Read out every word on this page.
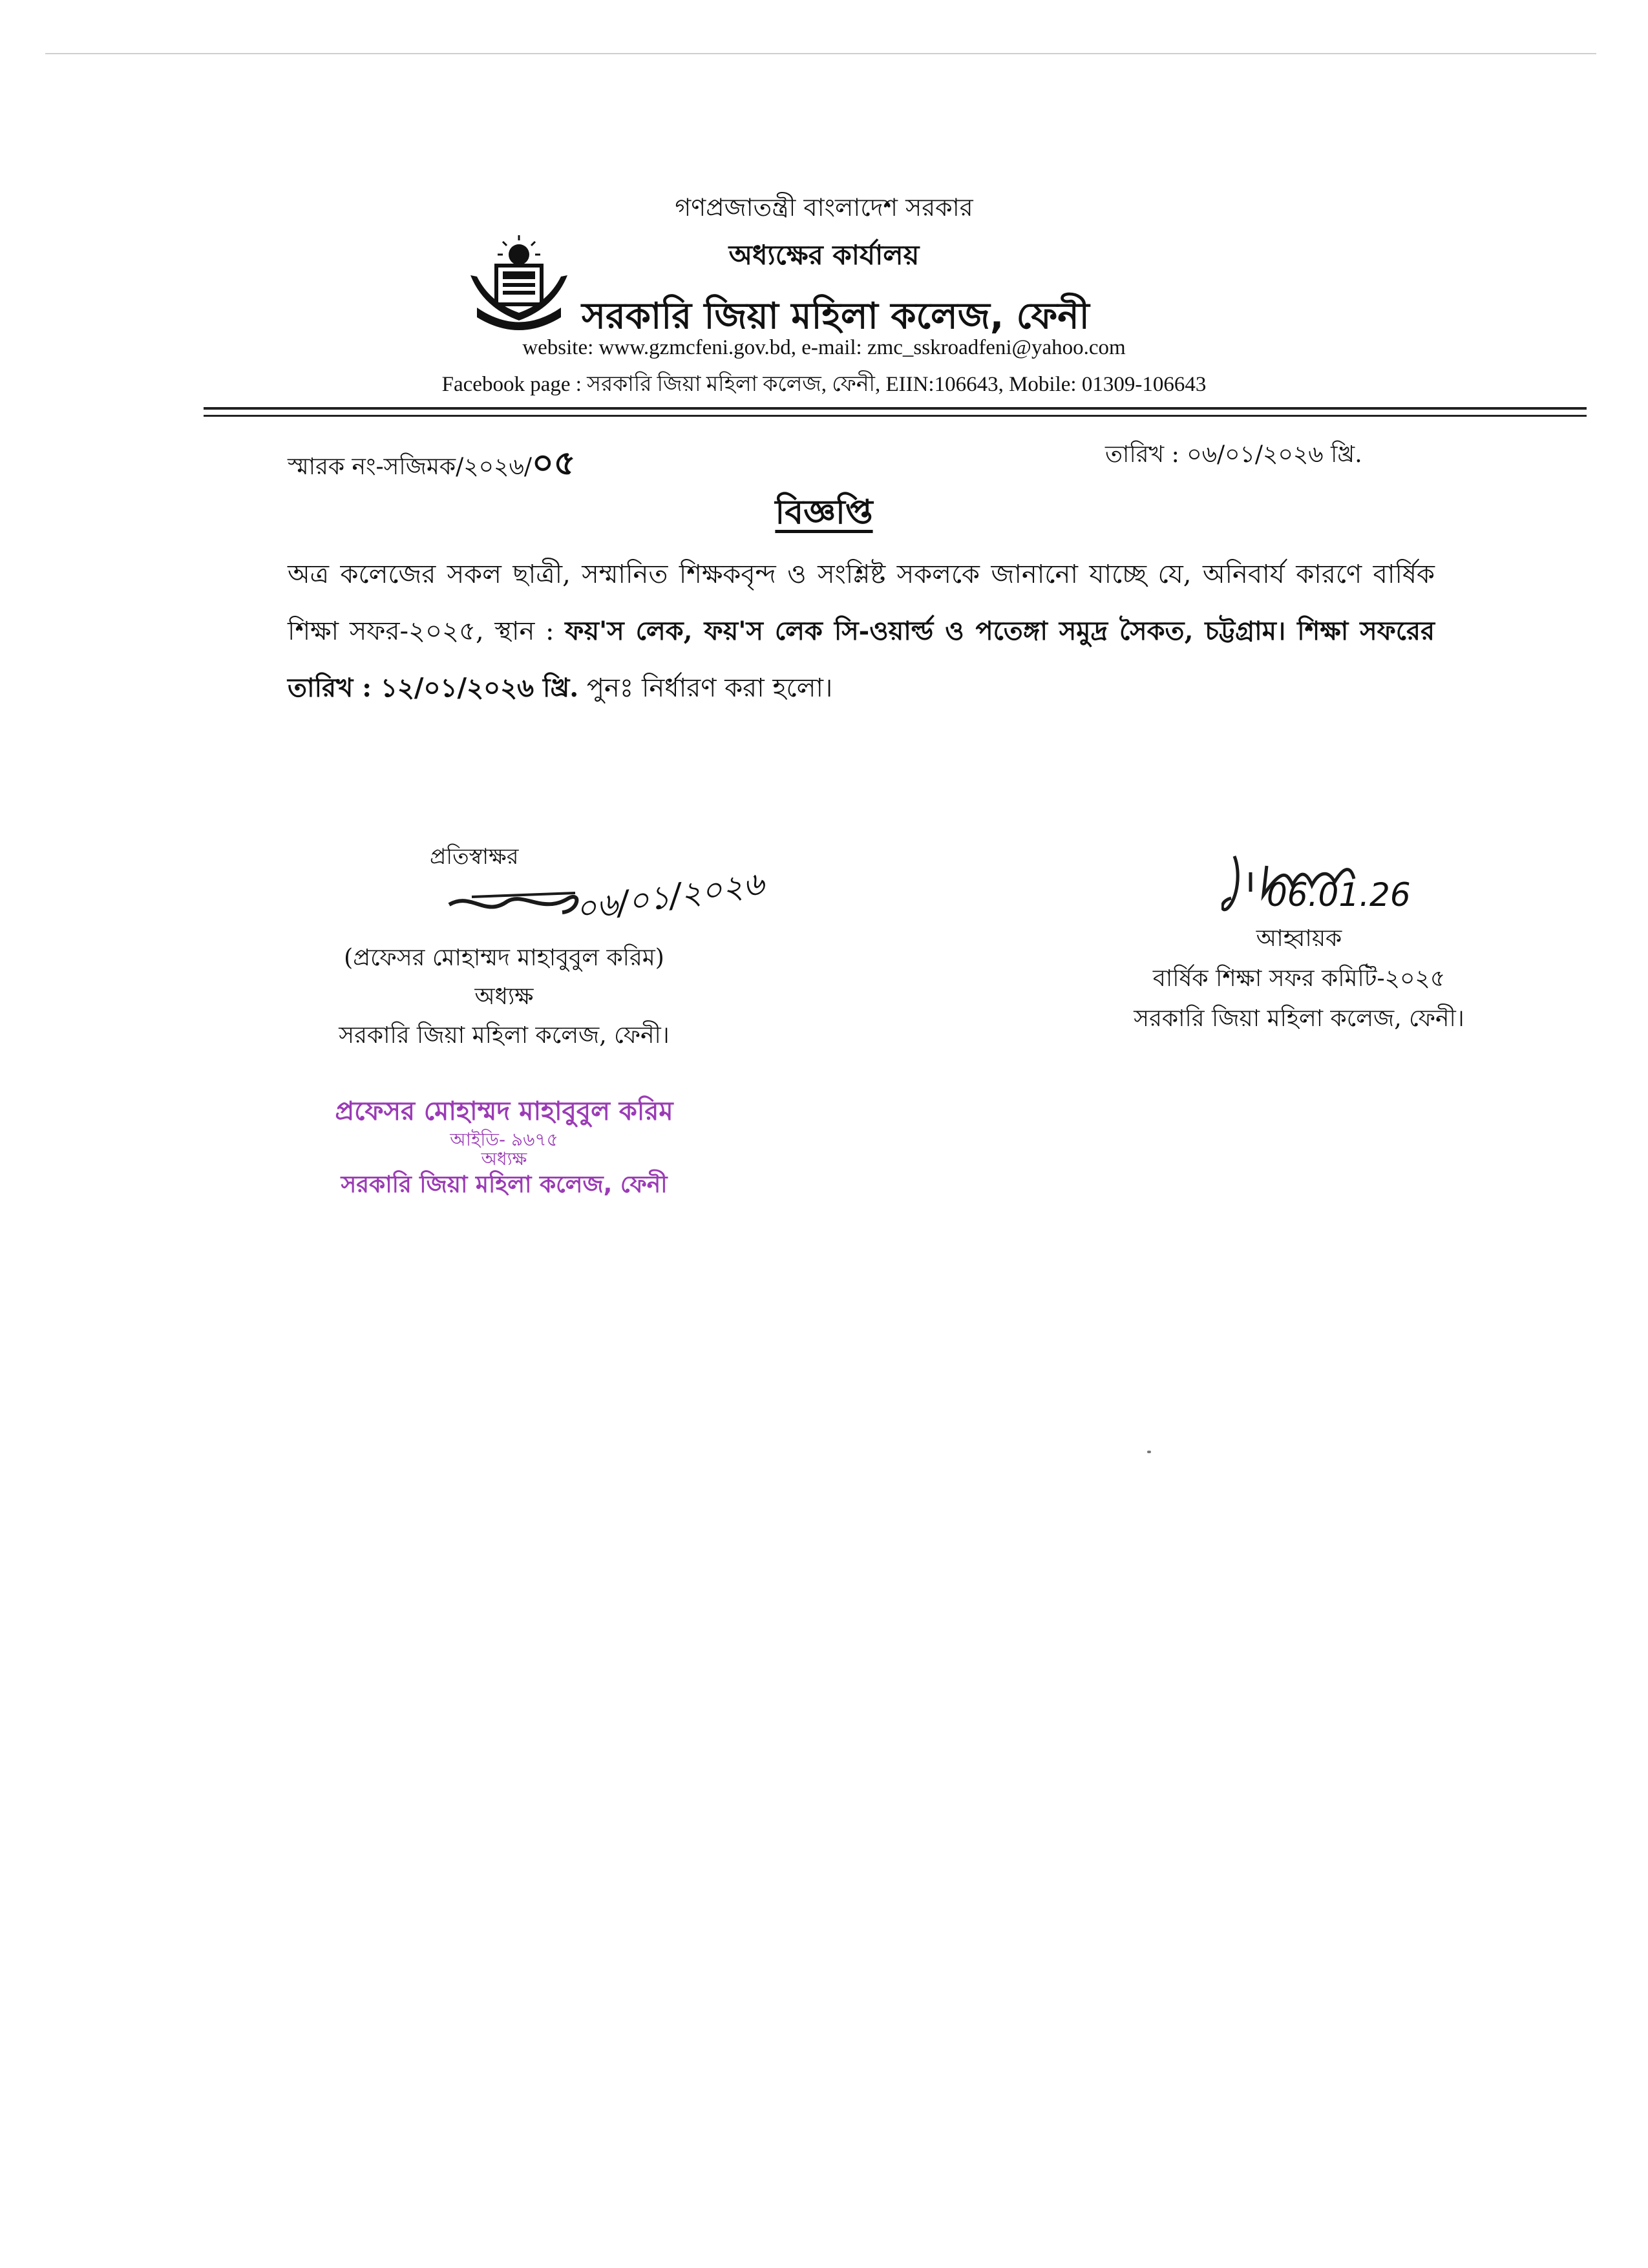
গণপ্রজাতন্ত্রী বাংলাদেশ সরকার
অধ্যক্ষের কার্যালয়
সরকারি জিয়া মহিলা কলেজ, ফেনী
website: www.gzmcfeni.gov.bd, e-mail: zmc_sskroadfeni@yahoo.com
Facebook page : সরকারি জিয়া মহিলা কলেজ, ফেনী, EIIN:106643, Mobile: 01309-106643
স্মারক নং-সজিমক/২০২৬/০৫	তারিখ : ০৬/০১/২০২৬ খ্রি.
বিজ্ঞপ্তি
অত্র কলেজের সকল ছাত্রী, সম্মানিত শিক্ষকবৃন্দ ও সংশ্লিষ্ট সকলকে জানানো যাচ্ছে যে, অনিবার্য কারণে বার্ষিক শিক্ষা সফর-২০২৫, স্থান : ফয়'স লেক, ফয়'স লেক সি-ওয়ার্ল্ড ও পতেঙ্গা সমুদ্র সৈকত, চট্টগ্রাম। শিক্ষা সফরের তারিখ : ১২/০১/২০২৬ খ্রি. পুনঃ নির্ধারণ করা হলো।
প্রতিস্বাক্ষর
০৬/০১/২০২৬
(প্রফেসর মোহাম্মদ মাহাবুবুল করিম)
অধ্যক্ষ
সরকারি জিয়া মহিলা কলেজ, ফেনী।
06.01.26
আহ্বায়ক
বার্ষিক শিক্ষা সফর কমিটি-২০২৫
সরকারি জিয়া মহিলা কলেজ, ফেনী।
প্রফেসর মোহাম্মদ মাহাবুবুল করিম
আইডি- ৯৬৭৫
অধ্যক্ষ
সরকারি জিয়া মহিলা কলেজ, ফেনী
